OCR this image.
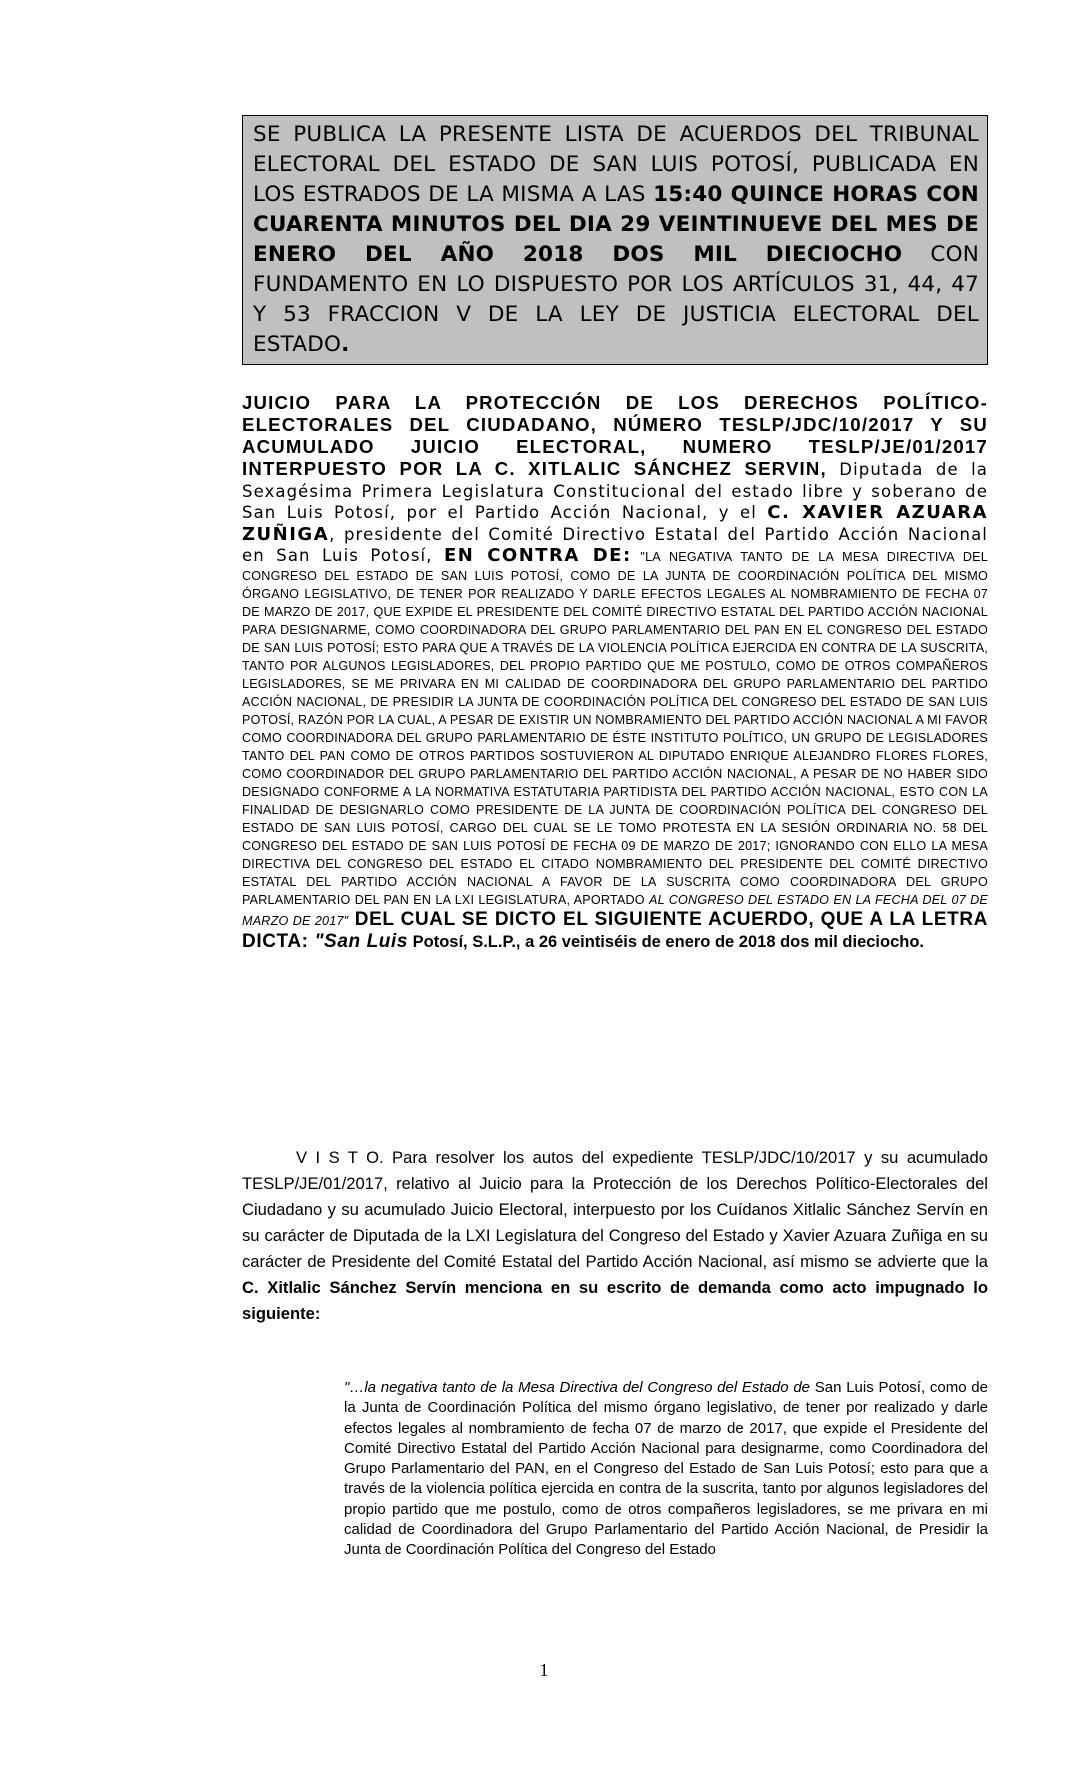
SE PUBLICA LA PRESENTE LISTA DE ACUERDOS DEL TRIBUNAL ELECTORAL DEL ESTADO DE SAN LUIS POTOSÍ, PUBLICADA EN LOS ESTRADOS DE LA MISMA A LAS 15:40 QUINCE HORAS CON CUARENTA MINUTOS DEL DIA 29 VEINTINUEVE DEL MES DE ENERO DEL AÑO 2018 DOS MIL DIECIOCHO CON FUNDAMENTO EN LO DISPUESTO POR LOS ARTÍCULOS 31, 44, 47 Y 53 FRACCION V DE LA LEY DE JUSTICIA ELECTORAL DEL ESTADO.
JUICIO PARA LA PROTECCIÓN DE LOS DERECHOS POLÍTICO-ELECTORALES DEL CIUDADANO, NÚMERO TESLP/JDC/10/2017 Y SU ACUMULADO JUICIO ELECTORAL, NUMERO TESLP/JE/01/2017 INTERPUESTO POR LA C. XITLALIC SÁNCHEZ SERVIN, Diputada de la Sexagésima Primera Legislatura Constitucional del estado libre y soberano de San Luis Potosí, por el Partido Acción Nacional, y el C. XAVIER AZUARA ZUÑIGA, presidente del Comité Directivo Estatal del Partido Acción Nacional en San Luis Potosí, EN CONTRA DE: "LA NEGATIVA TANTO DE LA MESA DIRECTIVA DEL CONGRESO DEL ESTADO DE SAN LUIS POTOSÍ, COMO DE LA JUNTA DE COORDINACIÓN POLÍTICA DEL MISMO ÓRGANO LEGISLATIVO, DE TENER POR REALIZADO Y DARLE EFECTOS LEGALES AL NOMBRAMIENTO DE FECHA 07 DE MARZO DE 2017, QUE EXPIDE EL PRESIDENTE DEL COMITÉ DIRECTIVO ESTATAL DEL PARTIDO ACCIÓN NACIONAL PARA DESIGNARME, COMO COORDINADORA DEL GRUPO PARLAMENTARIO DEL PAN EN EL CONGRESO DEL ESTADO DE SAN LUIS POTOSÍ; ESTO PARA QUE A TRAVÉS DE LA VIOLENCIA POLÍTICA EJERCIDA EN CONTRA DE LA SUSCRITA, TANTO POR ALGUNOS LEGISLADORES, DEL PROPIO PARTIDO QUE ME POSTULO, COMO DE OTROS COMPAÑEROS LEGISLADORES, SE ME PRIVARA EN MI CALIDAD DE COORDINADORA DEL GRUPO PARLAMENTARIO DEL PARTIDO ACCIÓN NACIONAL, DE PRESIDIR LA JUNTA DE COORDINACIÓN POLÍTICA DEL CONGRESO DEL ESTADO DE SAN LUIS POTOSÍ, RAZÓN POR LA CUAL, A PESAR DE EXISTIR UN NOMBRAMIENTO DEL PARTIDO ACCIÓN NACIONAL A MI FAVOR COMO COORDINADORA DEL GRUPO PARLAMENTARIO DE ÉSTE INSTITUTO POLÍTICO, UN GRUPO DE LEGISLADORES TANTO DEL PAN COMO DE OTROS PARTIDOS SOSTUVIERON AL DIPUTADO ENRIQUE ALEJANDRO FLORES FLORES, COMO COORDINADOR DEL GRUPO PARLAMENTARIO DEL PARTIDO ACCIÓN NACIONAL, A PESAR DE NO HABER SIDO DESIGNADO CONFORME A LA NORMATIVA ESTATUTARIA PARTIDISTA DEL PARTIDO ACCIÓN NACIONAL, ESTO CON LA FINALIDAD DE DESIGNARLO COMO PRESIDENTE DE LA JUNTA DE COORDINACIÓN POLÍTICA DEL CONGRESO DEL ESTADO DE SAN LUIS POTOSÍ, CARGO DEL CUAL SE LE TOMO PROTESTA EN LA SESIÓN ORDINARIA NO. 58 DEL CONGRESO DEL ESTADO DE SAN LUIS POTOSÍ DE FECHA 09 DE MARZO DE 2017; IGNORANDO CON ELLO LA MESA DIRECTIVA DEL CONGRESO DEL ESTADO EL CITADO NOMBRAMIENTO DEL PRESIDENTE DEL COMITÉ DIRECTIVO ESTATAL DEL PARTIDO ACCIÓN NACIONAL A FAVOR DE LA SUSCRITA COMO COORDINADORA DEL GRUPO PARLAMENTARIO DEL PAN EN LA LXI LEGISLATURA, APORTADO AL CONGRESO DEL ESTADO EN LA FECHA DEL 07 DE MARZO DE 2017" DEL CUAL SE DICTO EL SIGUIENTE ACUERDO, QUE A LA LETRA DICTA: "San Luis Potosí, S.L.P., a 26 veintiséis de enero de 2018 dos mil dieciocho.
V I S T O. Para resolver los autos del expediente TESLP/JDC/10/2017 y su acumulado TESLP/JE/01/2017, relativo al Juicio para la Protección de los Derechos Político-Electorales del Ciudadano y su acumulado Juicio Electoral, interpuesto por los Cuídanos Xitlalic Sánchez Servín en su carácter de Diputada de la LXI Legislatura del Congreso del Estado y Xavier Azuara Zuñiga en su carácter de Presidente del Comité Estatal del Partido Acción Nacional, así mismo se advierte que la C. Xitlalic Sánchez Servín menciona en su escrito de demanda como acto impugnado lo siguiente:
"…la negativa tanto de la Mesa Directiva del Congreso del Estado de San Luis Potosí, como de la Junta de Coordinación Política del mismo órgano legislativo, de tener por realizado y darle efectos legales al nombramiento de fecha 07 de marzo de 2017, que expide el Presidente del Comité Directivo Estatal del Partido Acción Nacional para designarme, como Coordinadora del Grupo Parlamentario del PAN, en el Congreso del Estado de San Luis Potosí; esto para que a través de la violencia política ejercida en contra de la suscrita, tanto por algunos legisladores del propio partido que me postulo, como de otros compañeros legisladores, se me privara en mi calidad de Coordinadora del Grupo Parlamentario del Partido Acción Nacional, de Presidir la Junta de Coordinación Política del Congreso del Estado
1
